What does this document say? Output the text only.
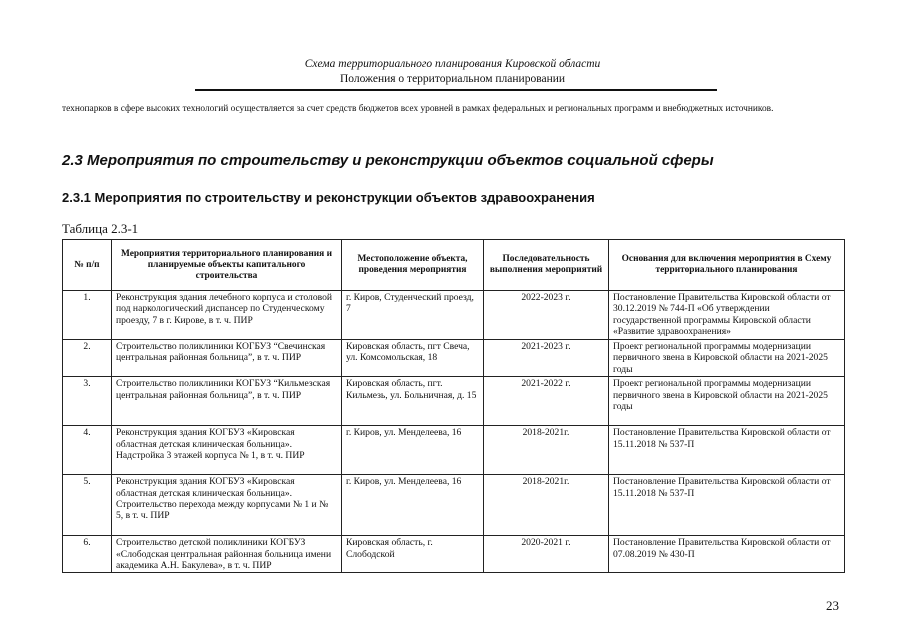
Схема территориального планирования Кировской области
Положения о территориальном планировании
технопарков в сфере высоких технологий осуществляется за счет средств бюджетов всех уровней в рамках федеральных и региональных программ и внебюджетных источников.
2.3 Мероприятия по строительству и реконструкции объектов социальной сферы
2.3.1 Мероприятия по строительству и реконструкции объектов здравоохранения
Таблица 2.3-1
№ п/п	Мероприятия территориального планирования и планируемые объекты капитального строительства	Местоположение объекта, проведения мероприятия	Последовательность выполнения мероприятий	Основания для включения мероприятия в Схему территориального планирования
1.	Реконструкция здания лечебного корпуса и столовой под наркологический диспансер по Студенческому проезду, 7 в г. Кирове, в т. ч. ПИР	г. Киров, Студенческий проезд, 7	2022-2023 г.	Постановление Правительства Кировской области от 30.12.2019 № 744-П «Об утверждении государственной программы Кировской области «Развитие здравоохранения»
2.	Строительство поликлиники КОГБУЗ “Свечинская центральная районная больница”, в т. ч. ПИР	Кировская область, пгт Свеча, ул. Комсомольская, 18	2021-2023 г.	Проект региональной программы модернизации первичного звена в Кировской области на 2021-2025 годы
3.	Строительство поликлиники КОГБУЗ “Кильмезская центральная районная больница”, в т. ч. ПИР	Кировская область, пгт. Кильмезь, ул. Больничная, д. 15	2021-2022 г.	Проект региональной программы модернизации первичного звена в Кировской области на 2021-2025 годы
4.	Реконструкция здания КОГБУЗ «Кировская областная детская клиническая больница». Надстройка 3 этажей корпуса № 1, в т. ч. ПИР	г. Киров, ул. Менделеева, 16	2018-2021г.	Постановление Правительства Кировской области от 15.11.2018 № 537-П
5.	Реконструкция здания КОГБУЗ «Кировская областная детская клиническая больница». Строительство перехода между корпусами № 1 и № 5, в т. ч. ПИР	г. Киров, ул. Менделеева, 16	2018-2021г.	Постановление Правительства Кировской области от 15.11.2018 № 537-П
6.	Строительство детской поликлиники КОГБУЗ «Слободская центральная районная больница имени академика А.Н. Бакулева», в т. ч. ПИР	Кировская область, г. Слободской	2020-2021 г.	Постановление Правительства Кировской области от 07.08.2019 № 430-П
23
